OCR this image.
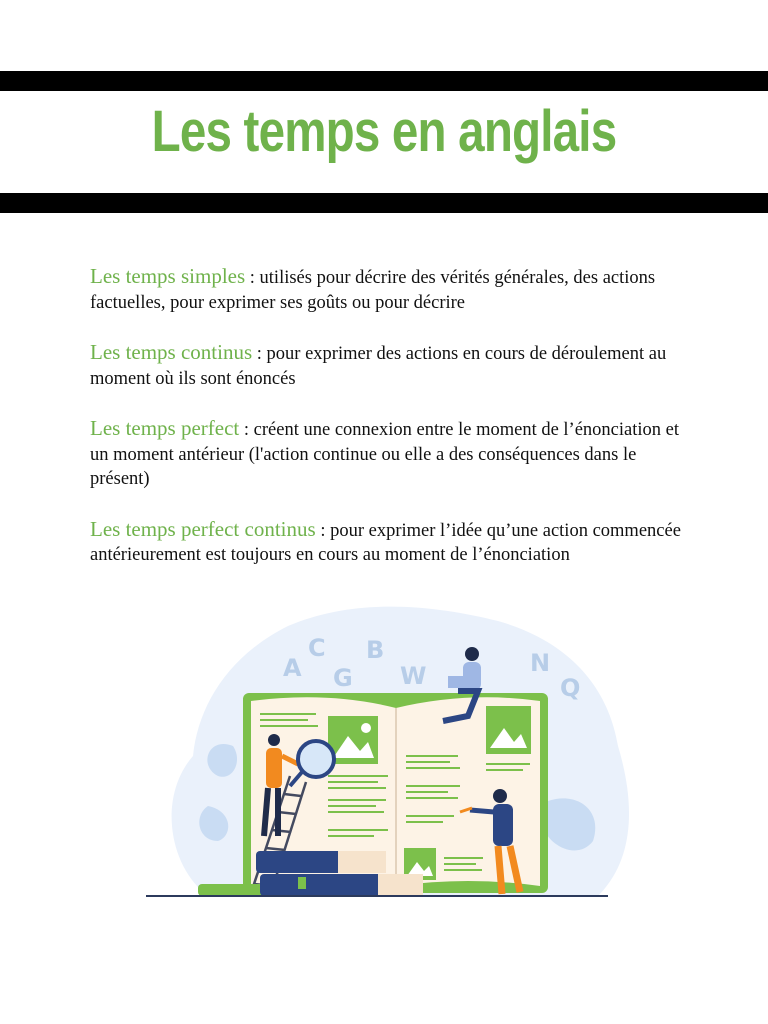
Les temps en anglais

Les temps simples : utilisés pour décrire des vérités générales, des actions factuelles, pour exprimer ses goûts ou pour décrire

Les temps continus : pour exprimer des actions en cours de déroulement au moment où ils sont énoncés

Les temps perfect : créent une connexion entre le moment de l’énonciation et un moment antérieur (l'action continue ou elle a des conséquences dans le présent)

Les temps perfect continus : pour exprimer l’idée qu’une action commencée antérieurement est toujours en cours au moment de l’énonciation

A
C
G
B
W	N
Q
